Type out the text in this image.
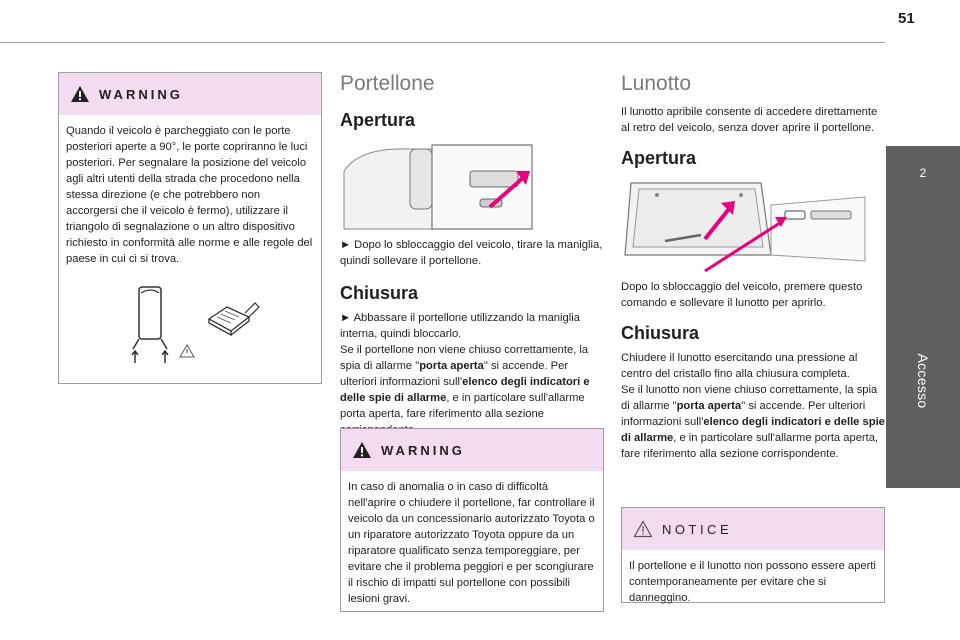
51
2
Accesso
WARNING
Quando il veicolo è parcheggiato con le porte posteriori aperte a 90°, le porte copriranno le luci posteriori. Per segnalare la posizione del veicolo agli altri utenti della strada che procedono nella stessa direzione (e che potrebbero non accorgersi che il veicolo è fermo), utilizzare il triangolo di segnalazione o un altro dispositivo richiesto in conformità alle norme e alle regole del paese in cui ci si trova.
Portellone
Apertura

► Dopo lo sbloccaggio del veicolo, tirare la maniglia, quindi sollevare il portellone.

Chiusura

► Abbassare il portellone utilizzando la maniglia interna, quindi bloccarlo.

Se il portellone non viene chiuso correttamente, la spia di allarme "porta aperta" si accende. Per ulteriori informazioni sull'elenco degli indicatori e delle spie di allarme, e in particolare sull'allarme porta aperta, fare riferimento alla sezione

WARNING
In caso di anomalia o in caso di difficoltà nell'aprire o chiudere il portellone, far controllare il veicolo da un concessionario autorizzato Toyota o un riparatore autorizzato Toyota oppure da un riparatore qualificato senza temporeggiare, per evitare che il problema peggiori e per scongiurare il rischio di impatti sul portellone con possibili lesioni gravi.
Lunotto

Il lunotto apribile consente di accedere direttamente al retro del veicolo, senza dover aprire il portellone.

Apertura

Dopo lo sbloccaggio del veicolo, premere questo comando e sollevare il lunotto per aprirlo.

Chiusura

Chiudere il lunotto esercitando una pressione al centro del cristallo fino alla chiusura completa.

Se il lunotto non viene chiuso correttamente, la spia di allarme "porta aperta" si accende. Per ulteriori informazioni sull'elenco degli indicatori e delle spie di allarme, e in particolare sull'allarme porta aperta, fare riferimento alla sezione corrispondente.

NOTICE
Il portellone e il lunotto non possono essere aperti contemporaneamente per evitare che si danneggino.
